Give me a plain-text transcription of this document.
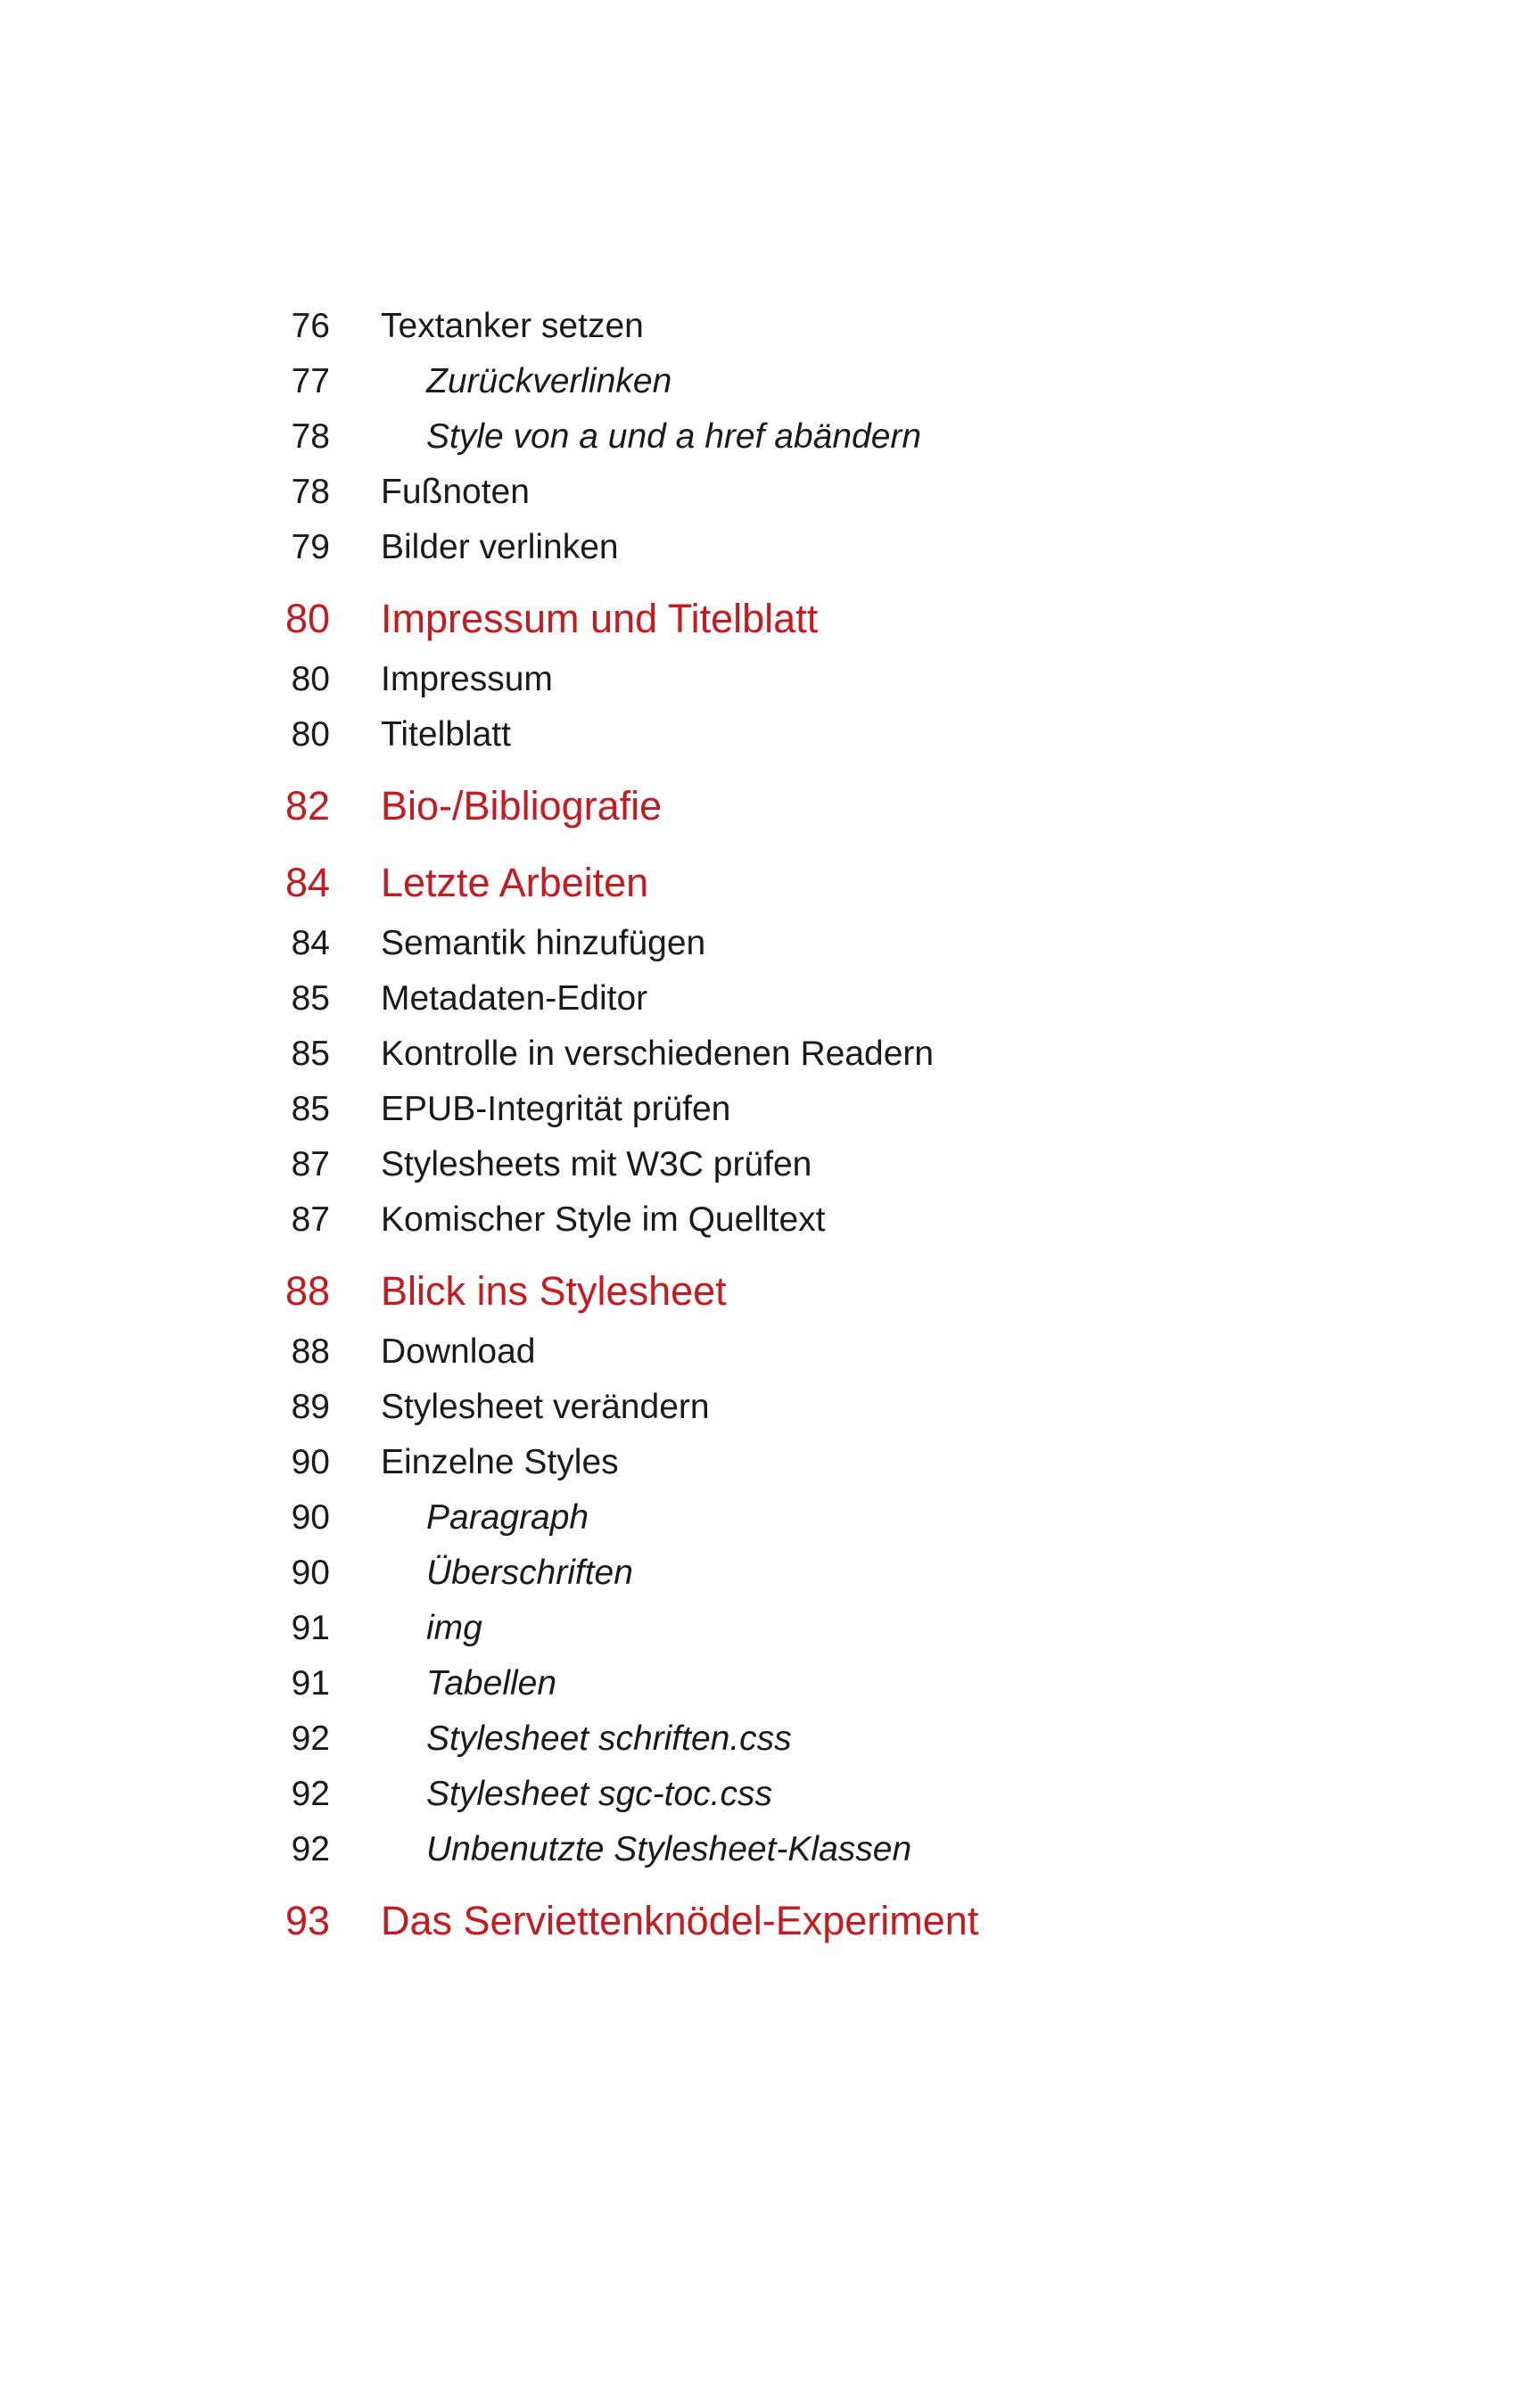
76 Textanker setzen
77	Zurückverlinken
78	Style von a und a href abändern
78 Fußnoten
79 Bilder verlinken
80 Impressum und Titelblatt
80 Impressum
80 Titelblatt
82 Bio-/Bibliografie
84 Letzte Arbeiten
84 Semantik hinzufügen
85 Metadaten-Editor
85 Kontrolle in verschiedenen Readern
85 EPUB-Integrität prüfen
87 Stylesheets mit W3C prüfen
87 Komischer Style im Quelltext
88 Blick ins Stylesheet
88 Download
89 Stylesheet verändern
90 Einzelne Styles
90	Paragraph
90	Überschriften
91	img
91	Tabellen
92	Stylesheet schriften.css
92	Stylesheet sgc-toc.css
92	Unbenutzte Stylesheet-Klassen
93 Das Serviettenknödel-Experiment
